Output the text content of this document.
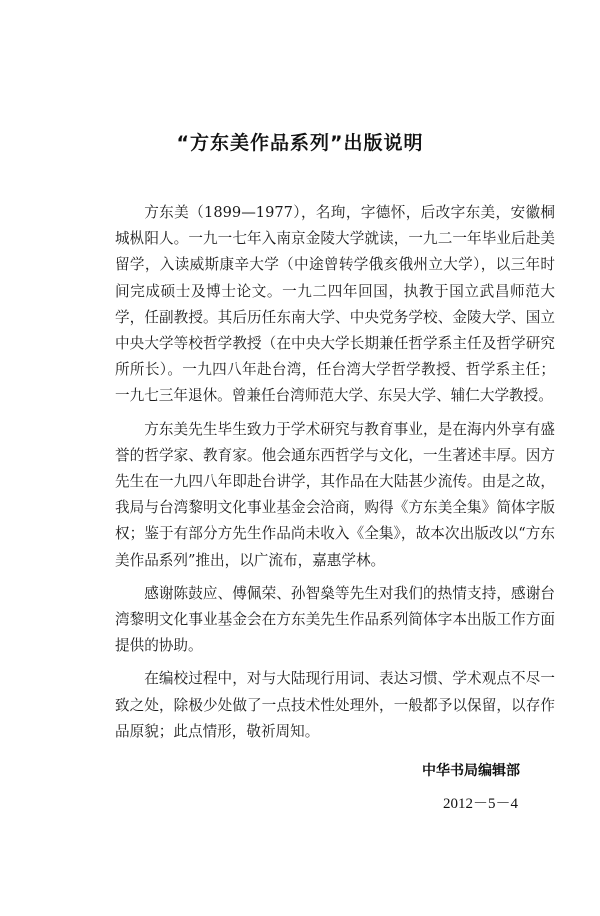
“方东美作品系列”出版说明

方东美（1899—1977），名珣，字德怀，后改字东美，安徽桐城枞阳人。一九一七年入南京金陵大学就读，一九二一年毕业后赴美留学，入读威斯康辛大学（中途曾转学俄亥俄州立大学），以三年时间完成硕士及博士论文。一九二四年回国，执教于国立武昌师范大学，任副教授。其后历任东南大学、中央党务学校、金陵大学、国立中央大学等校哲学教授（在中央大学长期兼任哲学系主任及哲学研究所所长）。一九四八年赴台湾，任台湾大学哲学教授、哲学系主任；一九七三年退休。曾兼任台湾师范大学、东吴大学、辅仁大学教授。

方东美先生毕生致力于学术研究与教育事业，是在海内外享有盛誉的哲学家、教育家。他会通东西哲学与文化，一生著述丰厚。因方先生在一九四八年即赴台讲学，其作品在大陆甚少流传。由是之故，我局与台湾黎明文化事业基金会洽商，购得《方东美全集》简体字版权；鉴于有部分方先生作品尚未收入《全集》，故本次出版改以“方东美作品系列”推出，以广流布，嘉惠学林。

感谢陈鼓应、傅佩荣、孙智燊等先生对我们的热情支持，感谢台湾黎明文化事业基金会在方东美先生作品系列简体字本出版工作方面提供的协助。

在编校过程中，对与大陆现行用词、表达习惯、学术观点不尽一致之处，除极少处做了一点技术性处理外，一般都予以保留，以存作品原貌；此点情形，敬祈周知。

中华书局编辑部
2012－5－4
